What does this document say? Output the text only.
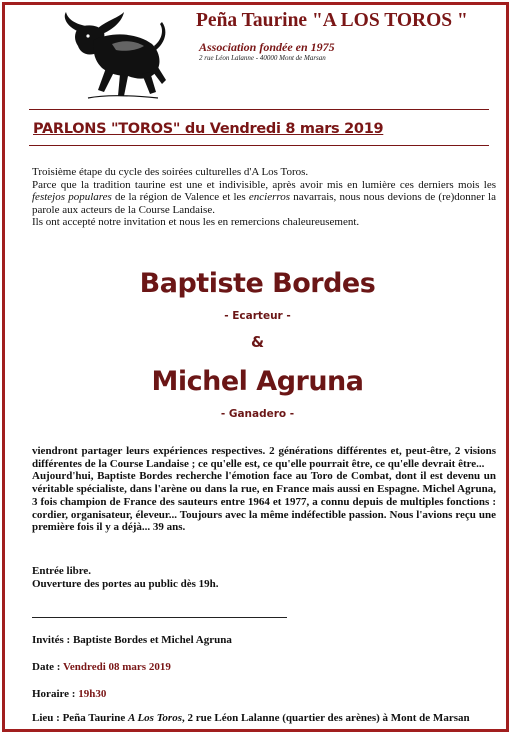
Peña Taurine "A LOS TOROS "
Association fondée en 1975
2 rue Léon Lalanne - 40000 Mont de Marsan
PARLONS "TOROS" du Vendredi 8 mars 2019

Troisième étape du cycle des soirées culturelles d'A Los Toros.

Parce que la tradition taurine est une et indivisible, après avoir mis en lumière ces derniers mois les festejos populares de la région de Valence et les encierros navarrais, nous nous devions de (re)donner la parole aux acteurs de la Course Landaise.

Ils ont accepté notre invitation et nous les en remercions chaleureusement.

Baptiste Bordes
- Ecarteur -
&
Michel Agruna
- Ganadero -

viendront partager leurs expériences respectives. 2 générations différentes et, peut-être, 2 visions différentes de la Course Landaise ; ce qu'elle est, ce qu'elle pourrait être, ce qu'elle devrait être...

Aujourd'hui, Baptiste Bordes recherche l'émotion face au Toro de Combat, dont il est devenu un véritable spécialiste, dans l'arène ou dans la rue, en France mais aussi en Espagne. Michel Agruna, 3 fois champion de France des sauteurs entre 1964 et 1977, a connu depuis de multiples fonctions : cordier, organisateur, éleveur... Toujours avec la même indéfectible passion. Nous l'avions reçu une première fois il y a déjà... 39 ans.

Entrée libre.

Ouverture des portes au public dès 19h.

Invités : Baptiste Bordes et Michel Agruna
Date : Vendredi 08 mars 2019
Horaire : 19h30
Lieu : Peña Taurine A Los Toros, 2 rue Léon Lalanne (quartier des arènes) à Mont de Marsan
